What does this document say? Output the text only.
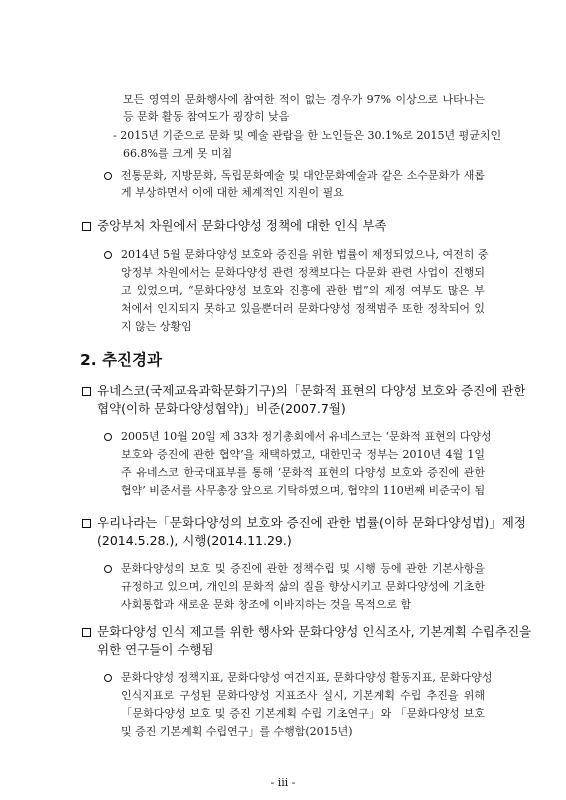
모든 영역의 문화행사에 참여한 적이 없는 경우가 97% 이상으로 나타나는
등 문화 활동 참여도가 굉장히 낮음
- 2015년 기준으로 문화 및 예술 관람을 한 노인들은 30.1%로 2015년 평균치인
66.8%를 크게 못 미침
전통문화, 지방문화, 독립문화예술 및 대안문화예술과 같은 소수문화가 새롭
게 부상하면서 이에 대한 체계적인 지원이 필요
중앙부처 차원에서 문화다양성 정책에 대한 인식 부족
2014년 5월 문화다양성 보호와 증진을 위한 법률이 제정되었으나, 여전히 중
앙정부 차원에서는 문화다양성 관련 정책보다는 다문화 관련 사업이 진행되
고 있었으며, “문화다양성 보호와 진흥에 관한 법”의 제정 여부도 많은 부
처에서 인지되지 못하고 있을뿐더러 문화다양성 정책범주 또한 정착되어 있
지 않는 상황임
2. 추진경과
유네스코(국제교육과학문화기구)의「문화적 표현의 다양성 보호와 증진에 관한
협약(이하 문화다양성협약)」비준(2007.7월)
2005년 10월 20일 제 33차 정기총회에서 유네스코는 ‘문화적 표현의 다양성
보호와 증진에 관한 협약’을 채택하였고, 대한민국 정부는 2010년 4월 1일
주 유네스코 한국대표부를 통해 ‘문화적 표현의 다양성 보호와 증진에 관한
협약’ 비준서를 사무총장 앞으로 기탁하였으며, 협약의 110번째 비준국이 됨
우리나라는「문화다양성의 보호와 증진에 관한 법률(이하 문화다양성법)」제정
(2014.5.28.), 시행(2014.11.29.)
문화다양성의 보호 및 증진에 관한 정책수립 및 시행 등에 관한 기본사항을
규정하고 있으며, 개인의 문화적 삶의 질을 향상시키고 문화다양성에 기초한
사회통합과 새로운 문화 창조에 이바지하는 것을 목적으로 함
문화다양성 인식 제고를 위한 행사와 문화다양성 인식조사, 기본계획 수립추진을
위한 연구들이 수행됨
문화다양성 정책지표, 문화다양성 여건지표, 문화다양성 활동지표, 문화다양성
인식지표로 구성된 문화다양성 지표조사 실시, 기본계획 수립 추진을 위해
「문화다양성 보호 및 증진 기본계획 수립 기초연구」와 「문화다양성 보호
및 증진 기본계획 수립연구」를 수행함(2015년)
- iii -
